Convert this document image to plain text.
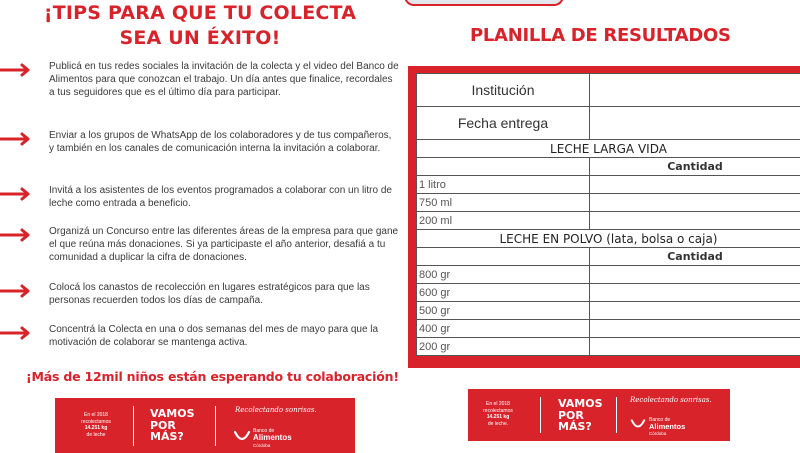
¡TIPS PARA QUE TU COLECTA
SEA UN ÉXITO!
Publicá en tus redes sociales la invitación de la colecta y el video del Banco de Alimentos para que conozcan el trabajo. Un día antes que finalice, recordales a tus seguidores que es el último día para participar.
Enviar a los grupos de WhatsApp de los colaboradores y de tus compañeros, y también en los canales de comunicación interna la invitación a colaborar.
Invitá a los asistentes de los eventos programados a colaborar con un litro de leche como entrada a beneficio.
Organizá un Concurso entre las diferentes áreas de la empresa para que gane el que reúna más donaciones. Si ya participaste el año anterior, desafiá a tu comunidad a duplicar la cifra de donaciones.
Colocá los canastos de recolección en lugares estratégicos para que las personas recuerden todos los días de campaña.
Concentrá la Colecta en una o dos semanas del mes de mayo para que la motivación de colaborar se mantenga activa.
¡Más de 12mil niños están esperando tu colaboración!
En el 2018
recolectamos
14.251 kg
de leche
VAMOS
POR
MÁS?
Recolectando sonrisas.
Banco de
Alimentos
Córdoba
PLANILLA DE RESULTADOS
En el 2018
recolectamos
14.251 kg
de leche.
VAMOS
POR
MÁS?
Recolectando sonrisas.
Banco de
Alimentos
Córdoba
Institución	
Fecha entrega	
LECHE LARGA VIDA	
	Cantidad
1 litro	
750 ml	
200 ml	
LECHE EN POLVO (lata, bolsa o caja)	
	Cantidad
800 gr	
600 gr	
500 gr	
400 gr	
200 gr	
